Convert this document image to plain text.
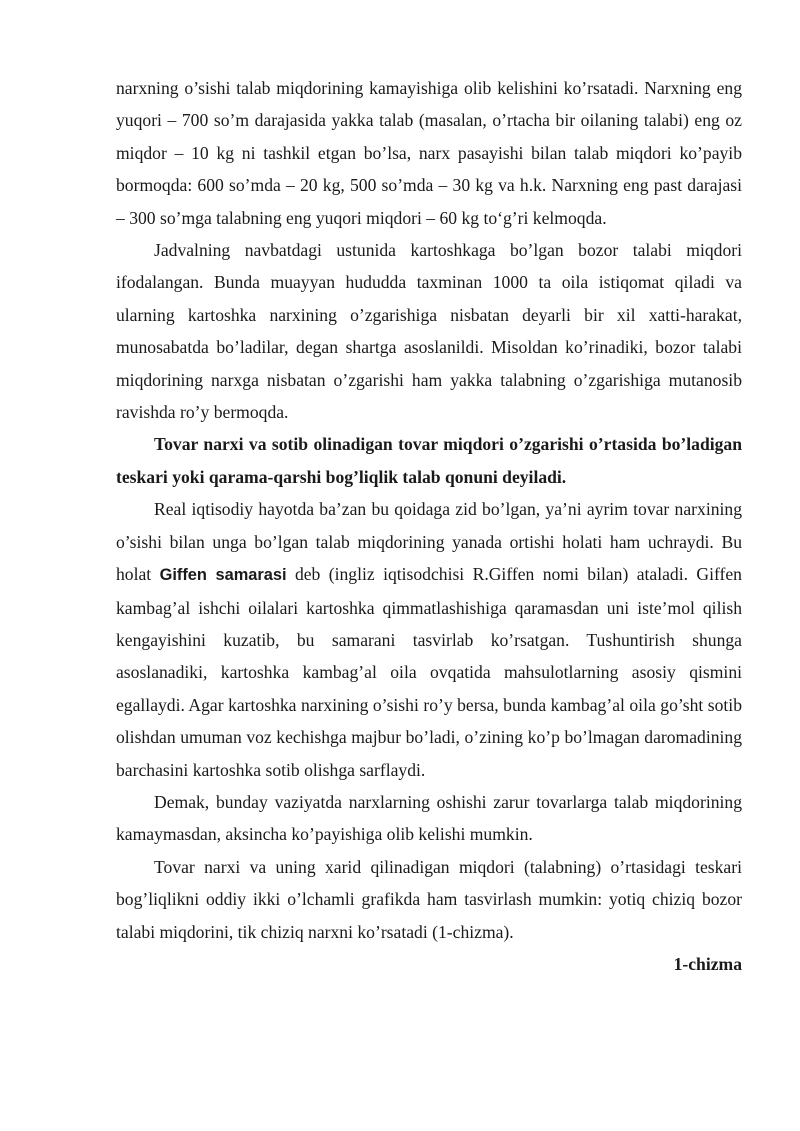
narxning o’sishi talab miqdorining kamayishiga olib kelishini ko’rsatadi. Narxning eng yuqori – 700 so’m darajasida yakka talab (masalan, o’rtacha bir oilaning talabi) eng oz miqdor – 10 kg ni tashkil etgan bo’lsa, narx pasayishi bilan talab miqdori ko’payib bormoqda: 600 so’mda – 20 kg, 500 so’mda – 30 kg va h.k. Narxning eng past darajasi – 300 so’mga talabning eng yuqori miqdori – 60 kg to‘g’ri kelmoqda.

Jadvalning navbatdagi ustunida kartoshkaga bo’lgan bozor talabi miqdori ifodalangan. Bunda muayyan hududda taxminan 1000 ta oila istiqomat qiladi va ularning kartoshka narxining o’zgarishiga nisbatan deyarli bir xil xatti-harakat, munosabatda bo’ladilar, degan shartga asoslanildi. Misoldan ko’rinadiki, bozor talabi miqdorining narxga nisbatan o’zgarishi ham yakka talabning o’zgarishiga mutanosib ravishda ro’y bermoqda.

Tovar narxi va sotib olinadigan tovar miqdori o’zgarishi o’rtasida bo’ladigan teskari yoki qarama-qarshi bog’liqlik talab qonuni deyiladi.

Real iqtisodiy hayotda ba’zan bu qoidaga zid bo’lgan, ya’ni ayrim tovar narxining o’sishi bilan unga bo’lgan talab miqdorining yanada ortishi holati ham uchraydi. Bu holat Giffen samarasi deb (ingliz iqtisodchisi R.Giffen nomi bilan) ataladi. Giffen kambag’al ishchi oilalari kartoshka qimmatlashishiga qaramasdan uni iste’mol qilish kengayishini kuzatib, bu samarani tasvirlab ko’rsatgan. Tushuntirish shunga asoslanadiki, kartoshka kambag’al oila ovqatida mahsulotlarning asosiy qismini egallaydi. Agar kartoshka narxining o’sishi ro’y bersa, bunda kambag’al oila go’sht sotib olishdan umuman voz kechishga majbur bo’ladi, o’zining ko’p bo’lmagan daromadining barchasini kartoshka sotib olishga sarflaydi.

Demak, bunday vaziyatda narxlarning oshishi zarur tovarlarga talab miqdorining kamaymasdan, aksincha ko’payishiga olib kelishi mumkin.

Tovar narxi va uning xarid qilinadigan miqdori (talabning) o’rtasidagi teskari bog’liqlikni oddiy ikki o’lchamli grafikda ham tasvirlash mumkin: yotiq chiziq bozor talabi miqdorini, tik chiziq narxni ko’rsatadi (1-chizma).

1-chizma
